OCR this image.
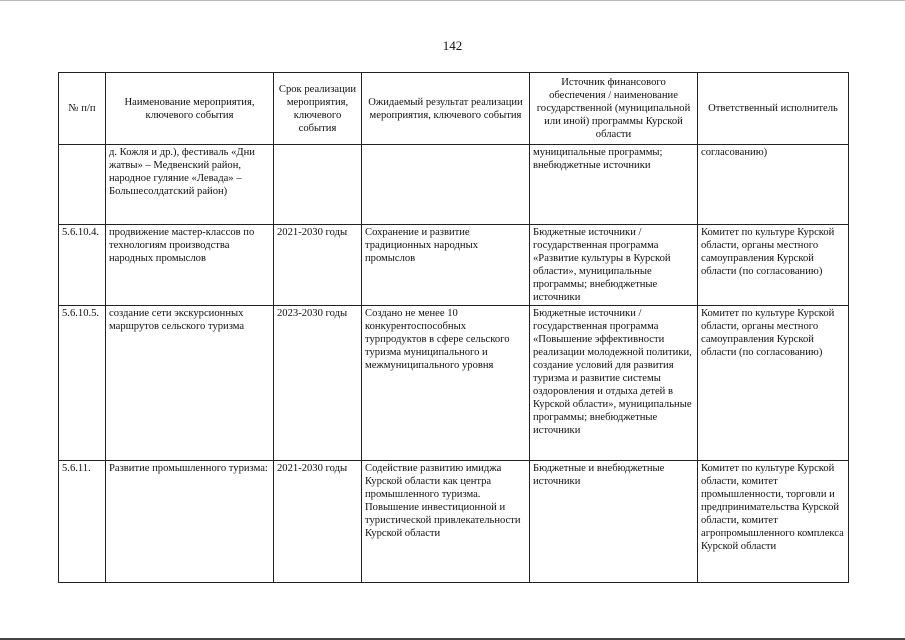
142
№ п/п	Наименование мероприятия, ключевого события	Срок реализации мероприятия, ключевого события	Ожидаемый результат реализации мероприятия, ключевого события	Источник финансового обеспечения / наименование государственной (муниципальной или иной) программы Курской области	Ответственный исполнитель
	д. Кожля и др.), фестиваль «Дни жатвы» – Медвенский район, народное гуляние «Левада» – Большесолдатский район)			муниципальные программы; внебюджетные источники	согласованию)
5.6.10.4.	продвижение мастер-классов по технологиям производства народных промыслов	2021-2030 годы	Сохранение и развитие традиционных народных промыслов	Бюджетные источники / государственная программа «Развитие культуры в Курской области», муниципальные программы; внебюджетные источники	Комитет по культуре Курской области, органы местного самоуправления Курской области (по согласованию)
5.6.10.5.	создание сети экскурсионных маршрутов сельского туризма	2023-2030 годы	Создано не менее 10 конкурентоспособных турпродуктов в сфере сельского туризма муниципального и межмуниципального уровня	Бюджетные источники / государственная программа «Повышение эффективности реализации молодежной политики, создание условий для развития туризма и развитие системы оздоровления и отдыха детей в Курской области», муниципальные программы; внебюджетные источники	Комитет по культуре Курской области, органы местного самоуправления Курской области (по согласованию)
5.6.11.	Развитие промышленного туризма:	2021-2030 годы	Содействие развитию имиджа Курской области как центра промышленного туризма. Повышение инвестиционной и туристической привлекательности Курской области	Бюджетные и внебюджетные источники	Комитет по культуре Курской области, комитет промышленности, торговли и предпринимательства Курской области, комитет агропромышленного комплекса Курской области
